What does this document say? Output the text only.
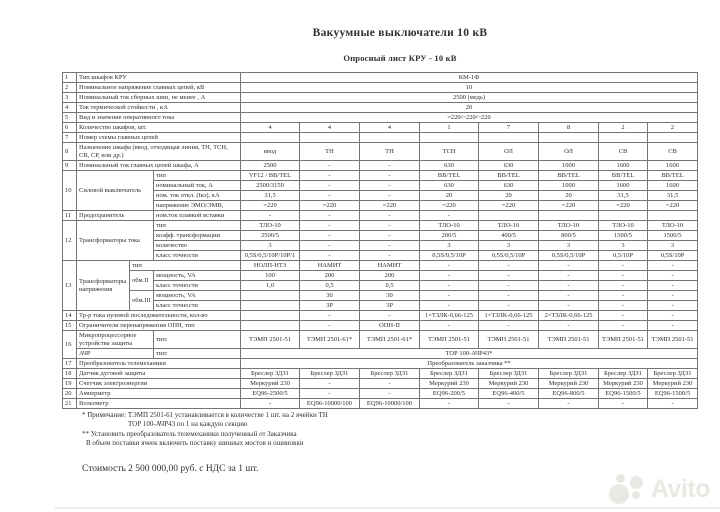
Вакуумные выключатели 10 кВ
Опросный лист КРУ - 10 кВ
1	Тип шкафов КРУ			КМ-1Ф							
2	Номинальное напряжение главных цепей, кВ			10							
3	Номинальный ток сборных шин, не менее , А			2500 (медь)							
4	Ток термической стойкости , кА			20							
5	Вид и значение оперативного тока			=220/~220/~220							
6	Количество шкафов, шт.			4	4	4	1	7	8	2	2
7	Номер схемы главных цепей										
8	Назначение шкафа (ввод, отходящая линия, ТН, ТСН, СВ, СР, или др.)			ввод	ТН	ТН	ТСН	ОЛ	ОЛ	СВ	СВ
9	Номинальный ток главных цепей шкафа, А			2500	-	-	630	630	1000	1600	1600
10	Силовой выключатель		тип	VF12 / ВВ/TEL	-	-	ВВ/TEL	ВВ/TEL	ВВ/TEL	ВВ/TEL	ВВ/TEL
			номинальный ток, А	2500/3150	-	-	630	630	1000	1600	1600
			ном. ток откл. (Iкз), кА	31,5	-	-	20	20	20	31,5	31,5
			напряжение ЭМО/ЭМВ,	=220	=220	=220	=220	=220	=220	=220	=220
11	Предохранитель		ном.ток плавкой вставки	-	-	-	-				
12	Трансформаторы тока		тип	ТЛО-10	-	-	ТЛО-10	ТЛО-10	ТЛО-10	ТЛО-10	ТЛО-10
			коэфф. трансформации	2500/5	-	-	200/5	400/5	800/5	1500/5	1500/5
			количество	3	-	-	3	3	3	3	3
			класс точности	0,5S/0,5/10P/10P/1	-	-	0,5S/0,5/10P	0,5S/0,5/10P	0,5S/0,5/10P	0,5/10P	0,5S/10P
13	Трансформаторы напряжения	тип		НОЛП-НТЗ	НАМИТ	НАМИТ	-	-	-	-	-
		обм.II	мощность, VA	100	200	200	-	-	-	-	-
			класс точности	1,0	0,5	0,5	-	-	-	-	-
		обм.III	мощность, VA		30	30	-	-	-	-	-
			класс точности		3Р	3Р	-	-	-	-	-
14	Тр-р тока нулевой последовательности, кол-во				-	-	1×ТЗЛК-0,66-125	1×ТЗЛК-0,66-125	2×ТЗЛК-0,66-125	-	-
15	Ограничители перенапряжения ОПН, тип				-	ОПН-П	-	-	-	-	-
16	Микропроцессорное устройства защиты		тип:	ТЭМП 2501-51	ТЭМП 2501-61*	ТЭМП 2501-61*	ТЭМП 2501-51	ТЭМП 2501-51	ТЭМП 2501-51	ТЭМП 2501-51	ТЭМП 2501-51
	АЧР		тип:	ТОР 100-АЧР43*							
17	Преобразователь телемеханики			Преобразователь заказчика **							
18	Датчик дуговой защиты			Бреслер ЗДЗ1	Бреслер ЗДЗ1	Бреслер ЗДЗ1	Бреслер ЗДЗ1	Бреслер ЗДЗ1	Бреслер ЗДЗ1	Бреслер ЗДЗ1	Бреслер ЗДЗ1
19	Счетчик электроэнергии			Меркурий 230	-	-	Меркурий 230	Меркурий 230	Меркурий 230	Меркурий 230	Меркурий 230
20	Амперметр			EQ96-2500/5	-	-	EQ96-200/5	EQ96-400/5	EQ96-800/5	EQ96-1500/5	EQ96-1500/5
21	Вольтметр			-	EQ96-10000/100	EQ96-10000/100	-	-	-	-	-
* Примечание: ТЭМП 2501-61 устанавливается в количестве 1 шт. на 2 ячейки ТН
ТОР 100-АЧР43 по 1 на каждую секцию
** Установить преобразователь телемеханики полученный от Заказчика
В объем поставки ячеек включить поставку шинных мостов и ошиновки
Стоимость 2 500 000,00 руб. с НДС за 1 шт.
Avito
